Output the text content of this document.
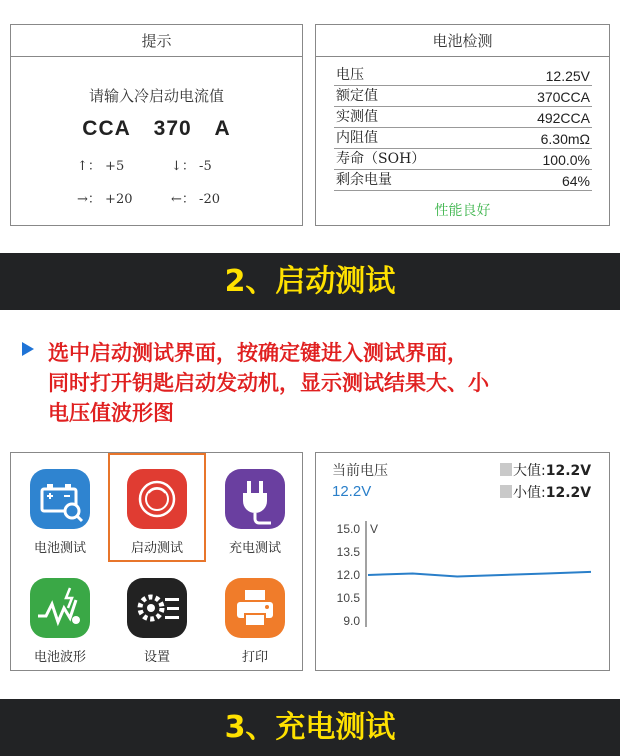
提示
请输入冷启动电流值
CCA 370 A
↑： +5	↓： -5
→： +20	←： -20
电池检测
电压	12.25V
额定值	370CCA
实测值	492CCA
内阻值	6.30mΩ
寿命（SOH）	100.0%
剩余电量	64%
性能良好
2、启动测试
选中启动测试界面，按确定键进入测试界面，
同时打开钥匙启动发动机，显示测试结果大、小
电压值波形图
电池测试	启动测试	充电测试
电池波形	设置	打印
当前电压
12.2V
大值:12.2V
小值:12.2V
V
15.0
13.5
12.0
10.5
9.0
3、充电测试
